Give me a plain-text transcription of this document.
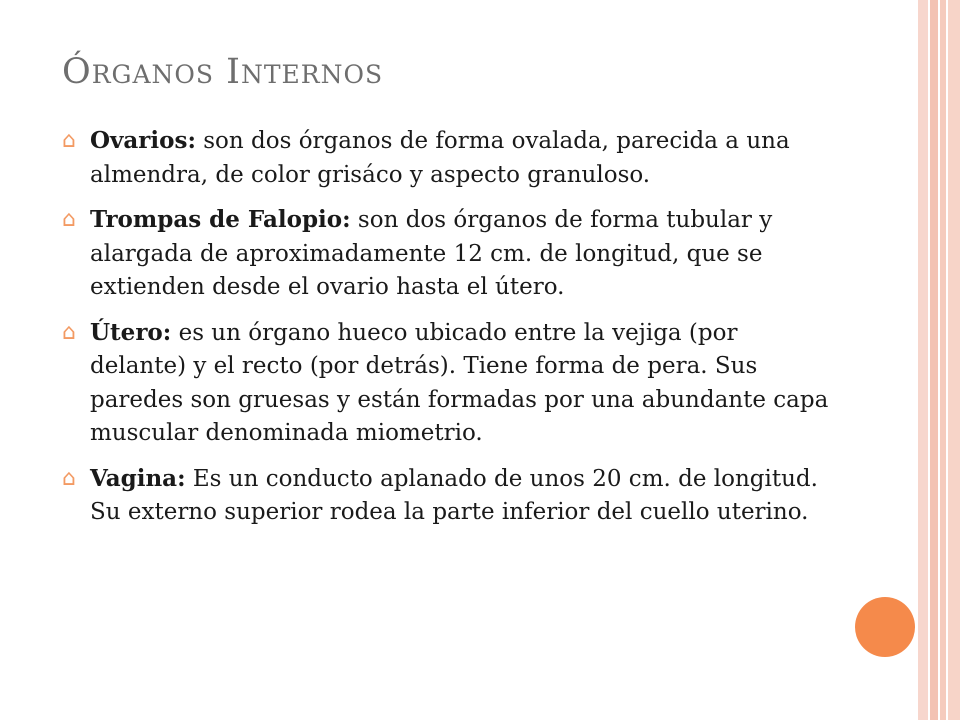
Órganos Internos
⌂ Ovarios: son dos órganos de forma ovalada, parecida a una almendra, de color grisáco y aspecto granuloso.
⌂ Trompas de Falopio: son dos órganos de forma tubular y alargada de aproximadamente 12 cm. de longitud, que se extienden desde el ovario hasta el útero.
⌂ Útero: es un órgano hueco ubicado entre la vejiga (por delante) y el recto (por detrás). Tiene forma de pera. Sus paredes son gruesas y están formadas por una abundante capa muscular denominada miometrio.
⌂ Vagina: Es un conducto aplanado de unos 20 cm. de longitud. Su externo superior rodea la parte inferior del cuello uterino.
